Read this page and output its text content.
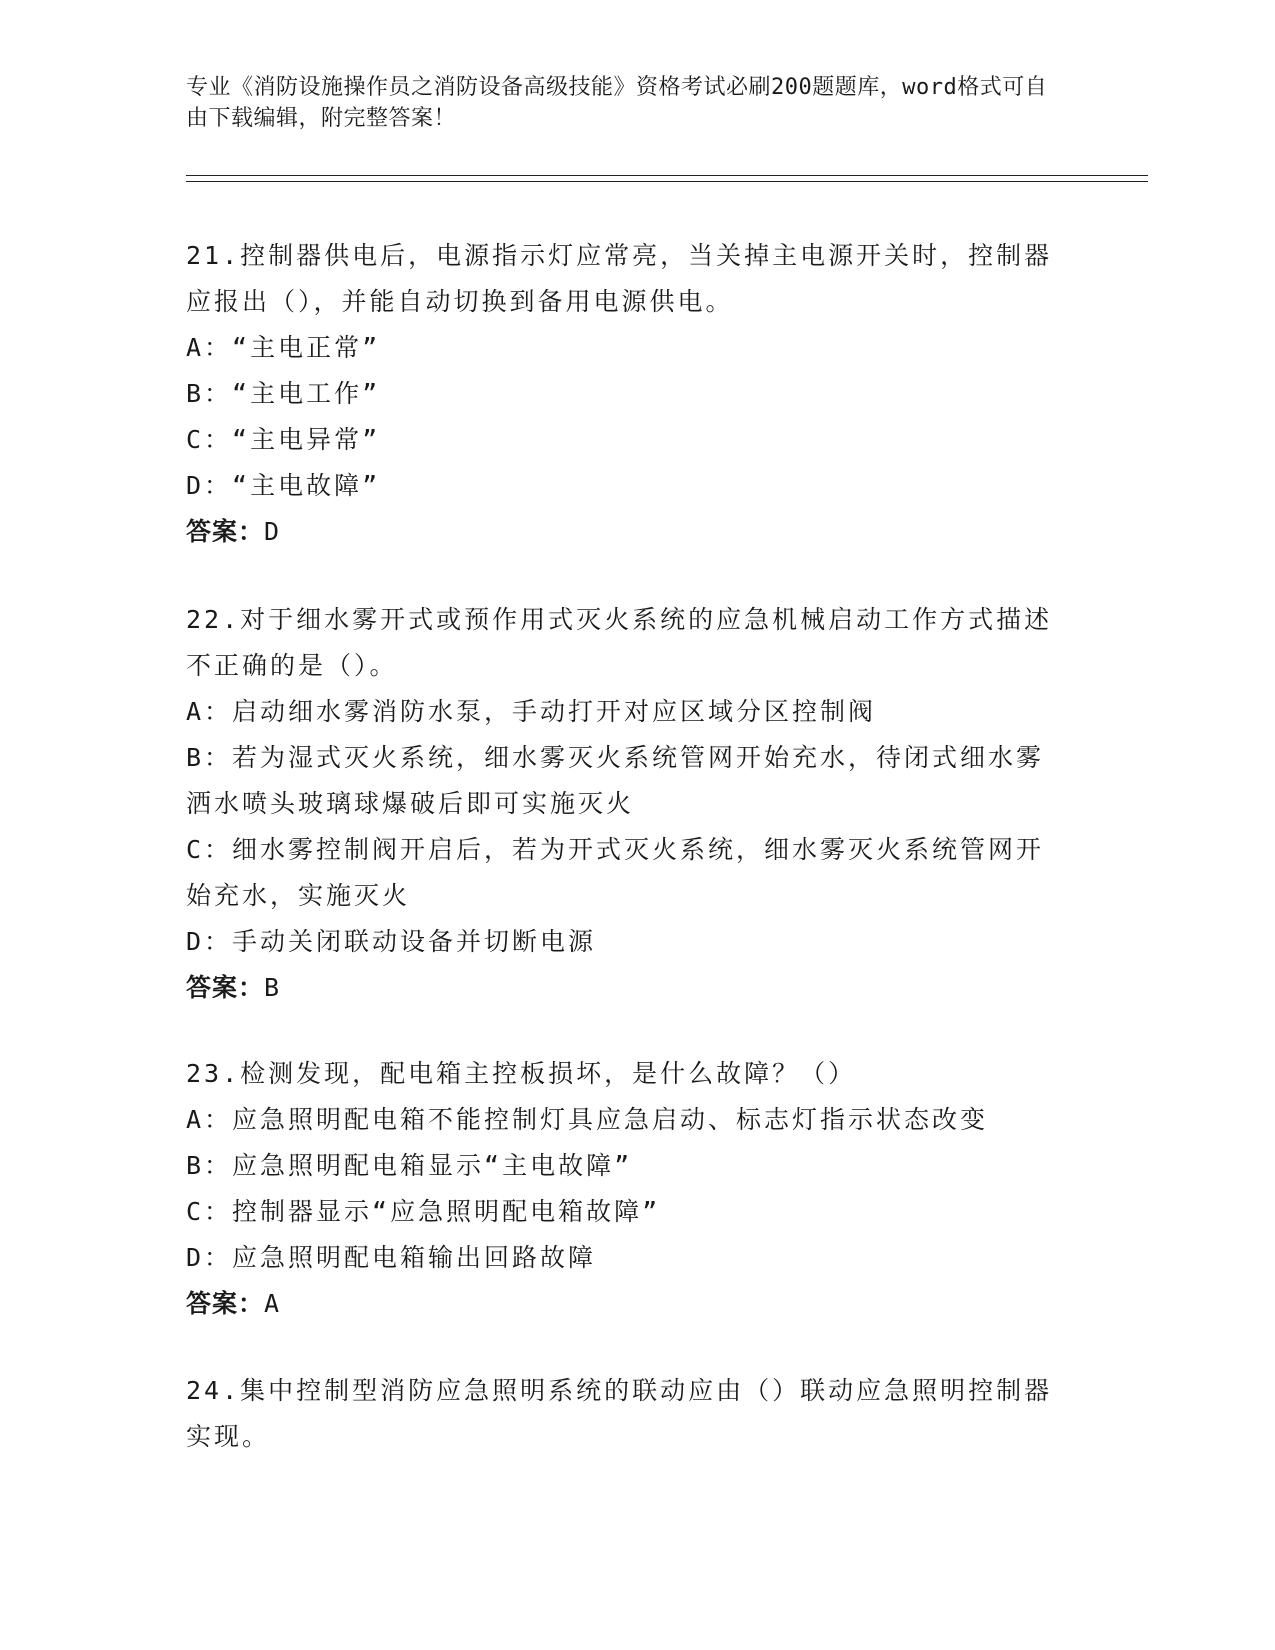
专业《消防设施操作员之消防设备高级技能》资格考试必刷200题题库，word格式可自由下载编辑，附完整答案！

21.控制器供电后，电源指示灯应常亮，当关掉主电源开关时，控制器应报出（），并能自动切换到备用电源供电。

A：“主电正常”

B：“主电工作”

C：“主电异常”

D：“主电故障”

答案：D

22.对于细水雾开式或预作用式灭火系统的应急机械启动工作方式描述不正确的是（）。

A：启动细水雾消防水泵，手动打开对应区域分区控制阀

B：若为湿式灭火系统，细水雾灭火系统管网开始充水，待闭式细水雾洒水喷头玻璃球爆破后即可实施灭火

C：细水雾控制阀开启后，若为开式灭火系统，细水雾灭火系统管网开始充水，实施灭火

D：手动关闭联动设备并切断电源

答案：B

23.检测发现，配电箱主控板损坏，是什么故障？（）

A：应急照明配电箱不能控制灯具应急启动、标志灯指示状态改变

B：应急照明配电箱显示“主电故障”

C：控制器显示“应急照明配电箱故障”

D：应急照明配电箱输出回路故障

答案：A

24.集中控制型消防应急照明系统的联动应由（）联动应急照明控制器实现。
